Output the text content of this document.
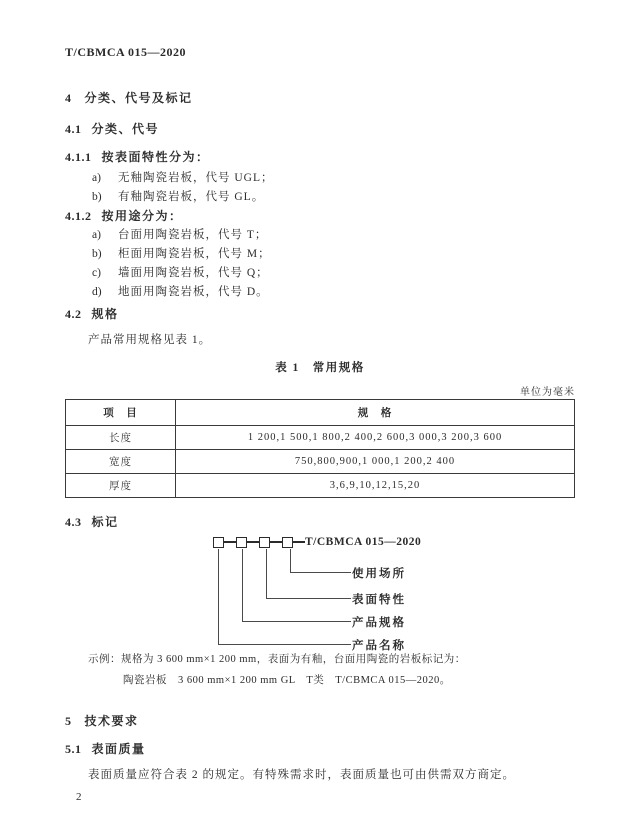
T/CBMCA 015—2020
4 分类、代号及标记
4.1 分类、代号
4.1.1 按表面特性分为：
a) 无釉陶瓷岩板，代号 UGL；
b) 有釉陶瓷岩板，代号 GL。
4.1.2 按用途分为：
a) 台面用陶瓷岩板，代号 T；
b) 柜面用陶瓷岩板，代号 M；
c) 墙面用陶瓷岩板，代号 Q；
d) 地面用陶瓷岩板，代号 D。
4.2 规格
产品常用规格见表 1。
表 1　常用规格
单位为毫米
项　目	规　格
长度	1 200,1 500,1 800,2 400,2 600,3 000,3 200,3 600
宽度	750,800,900,1 000,1 200,2 400
厚度	3,6,9,10,12,15,20
4.3 标记
T/CBMCA 015—2020
使用场所
表面特性
产品规格
产品名称
示例：规格为 3 600 mm×1 200 mm，表面为有釉，台面用陶瓷的岩板标记为：
陶瓷岩板　3 600 mm×1 200 mm GL　T类　T/CBMCA 015—2020。
5 技术要求
5.1 表面质量
表面质量应符合表 2 的规定。有特殊需求时，表面质量也可由供需双方商定。
2
